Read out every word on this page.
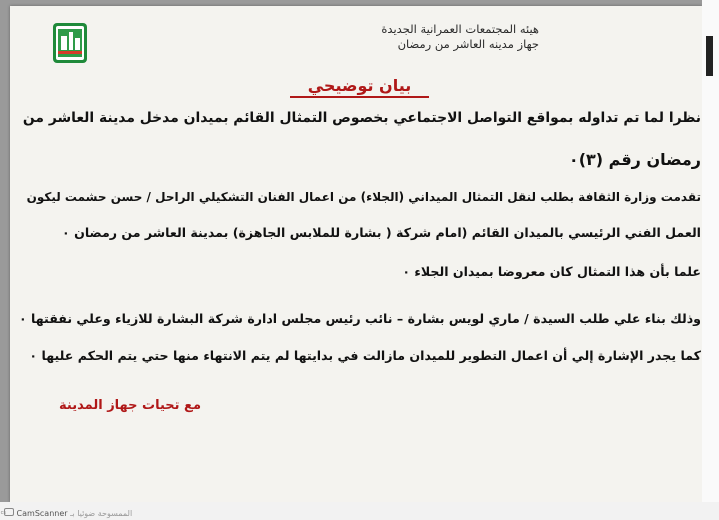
الممسوحة ضوئيا بـ CamScanner
cs
هيئه المجتمعات العمرانية الجديدة
جهاز مدينه العاشر من رمضان
بيان توضيحي
نظرا لما تم تداوله بمواقع التواصل الاجتماعي بخصوص التمثال القائم بميدان مدخل مدينة العاشر من
رمضان رقم (٣)٠
تقدمت وزارة الثقافة بطلب لنقل التمثال الميداني (الجلاء) من اعمال الفنان التشكيلي الراحل / حسن حشمت ليكون
العمل الفني الرئيسي بالميدان القائم (امام شركة ( بشارة للملابس الجاهزة) بمدينة العاشر من رمضان ٠
علما بأن هذا التمثال كان معروضا بميدان الجلاء ٠
وذلك بناء علي طلب السيدة / ماري لويس بشارة – نائب رئيس مجلس ادارة شركة البشارة للازياء وعلي نفقتها ٠
كما يجدر الإشارة إلي أن اعمال التطوير للميدان مازالت في بدايتها لم يتم الانتهاء منها حتي يتم الحكم عليها ٠
مع تحيات جهاز المدينة
